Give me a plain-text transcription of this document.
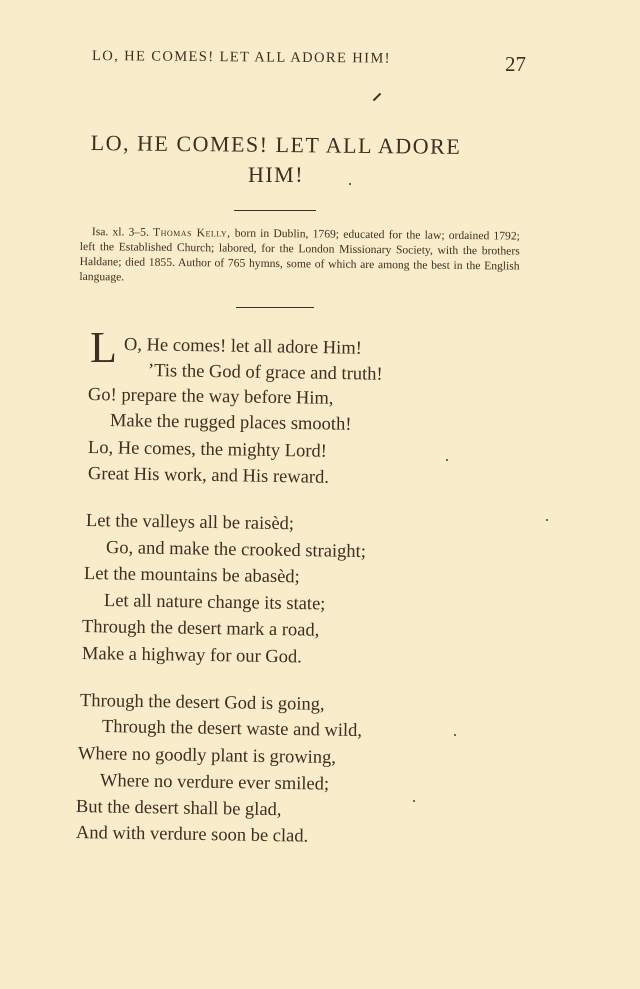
LO, HE COMES! LET ALL ADORE HIM!	27
LO, HE COMES! LET ALL ADORE
HIM!

Isa. xl. 3–5. Thomas Kelly, born in Dublin, 1769; educated for the law; ordained 1792; left the Established Church; labored, for the London Missionary Society, with the brothers Haldane; died 1855. Author of 765 hymns, some of which are among the best in the English language.

L O, He comes! let all adore Him!
’Tis the God of grace and truth!
Go! prepare the way before Him,
Make the rugged places smooth!
Lo, He comes, the mighty Lord!
Great His work, and His reward.
Let the valleys all be raisèd;
Go, and make the crooked straight;
Let the mountains be abasèd;
Let all nature change its state;
Through the desert mark a road,
Make a highway for our God.
Through the desert God is going,
Through the desert waste and wild,
Where no goodly plant is growing,
Where no verdure ever smiled;
But the desert shall be glad,
And with verdure soon be clad.
